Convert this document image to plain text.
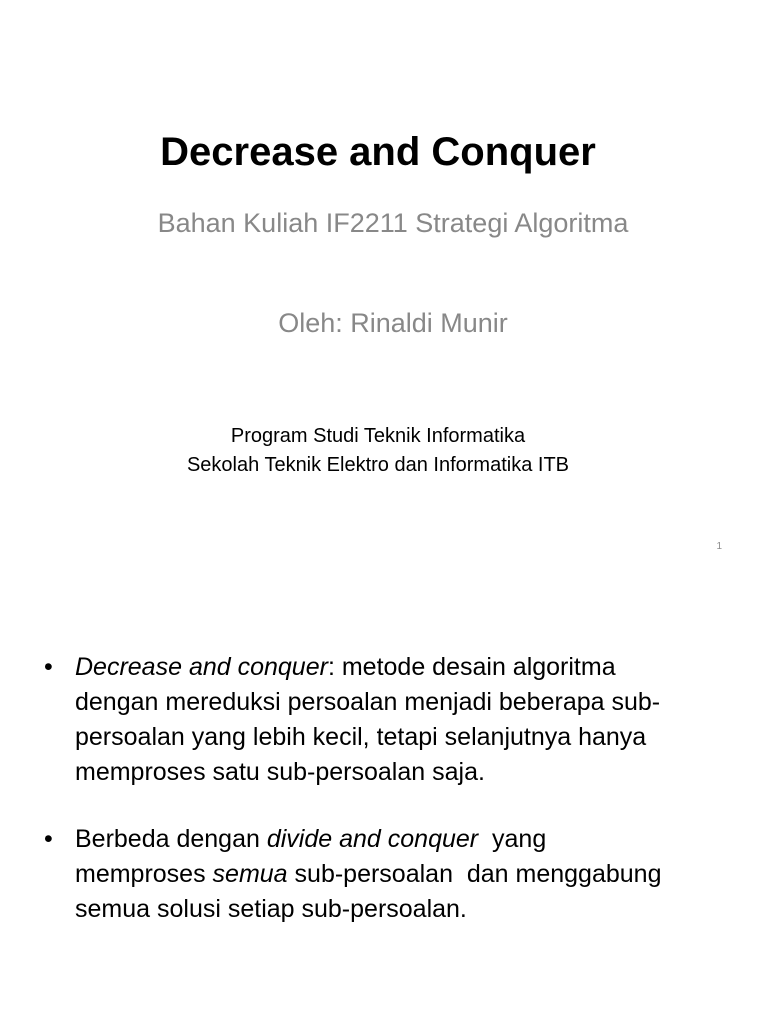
Decrease and Conquer
Bahan Kuliah IF2211 Strategi Algoritma
Oleh: Rinaldi Munir
Program Studi Teknik Informatika
Sekolah Teknik Elektro dan Informatika ITB
1
• Decrease and conquer: metode desain algoritma
dengan mereduksi persoalan menjadi beberapa sub-
persoalan yang lebih kecil, tetapi selanjutnya hanya
memproses satu sub-persoalan saja.
• Berbeda dengan divide and conquer  yang
memproses semua sub-persoalan  dan menggabung
semua solusi setiap sub-persoalan.
